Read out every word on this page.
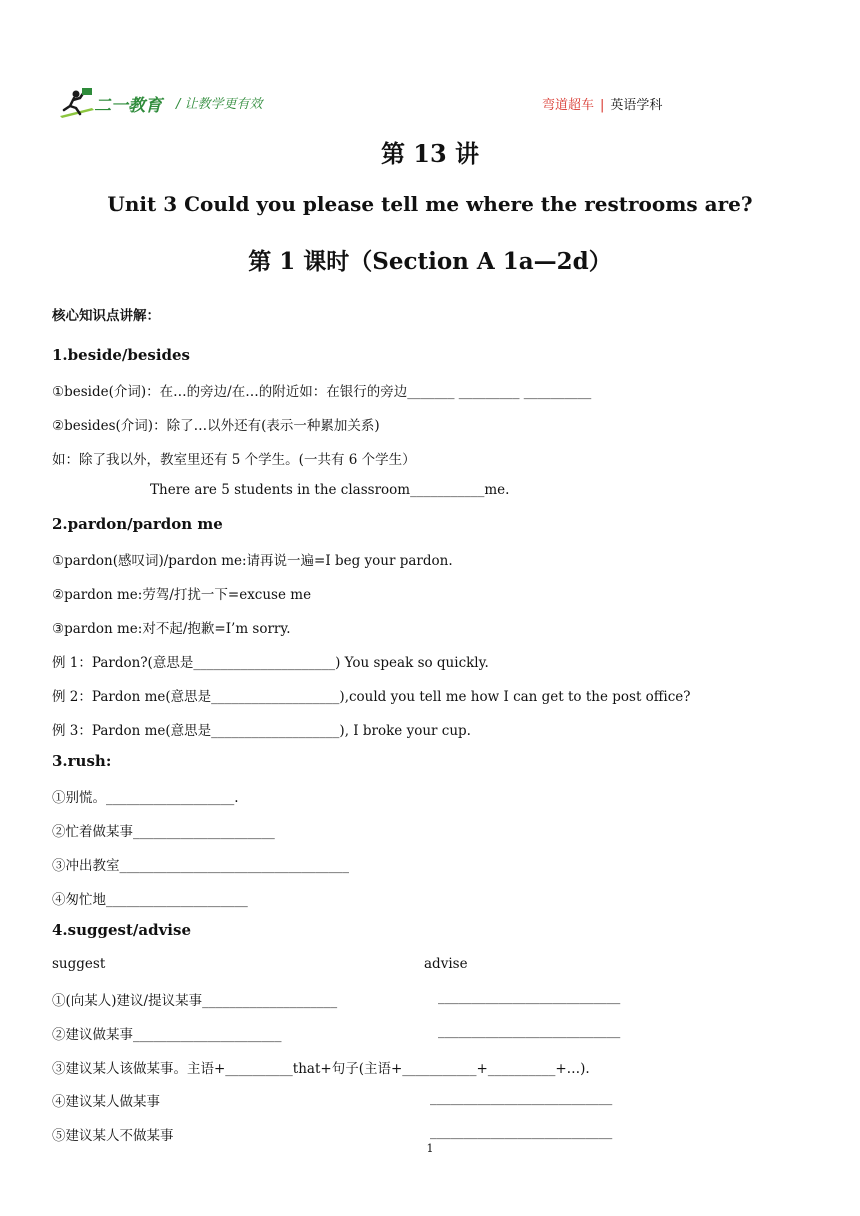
二一教育 / 让教学更有效	弯道超车 | 英语学科
第 13 讲
Unit 3 Could you please tell me where the restrooms are?
第 1 课时（Section A 1a—2d）
核心知识点讲解：
1.beside/besides
①beside(介词)：在…的旁边/在…的附近如：在银行的旁边_______ _________ __________
②besides(介词)：除了…以外还有(表示一种累加关系)
如：除了我以外，教室里还有 5 个学生。(一共有 6 个学生）
There are 5 students in the classroom___________me.
2.pardon/pardon me
①pardon(感叹词)/pardon me:请再说一遍=I beg your pardon.
②pardon me:劳驾/打扰一下=excuse me
③pardon me:对不起/抱歉=I’m sorry.
例 1：Pardon?(意思是_____________________) You speak so quickly.
例 2：Pardon me(意思是___________________),could you tell me how I can get to the post office?
例 3：Pardon me(意思是___________________), I broke your cup.
3.rush:
①别慌。___________________.
②忙着做某事_____________________
③冲出教室__________________________________
④匆忙地_____________________
4.suggest/advise
suggest	advise
①(向某人)建议/提议某事____________________	___________________________
②建议做某事______________________	___________________________
③建议某人该做某事。主语+__________that+句子(主语+___________+__________+…).
④建议某人做某事	___________________________
⑤建议某人不做某事	___________________________
1
